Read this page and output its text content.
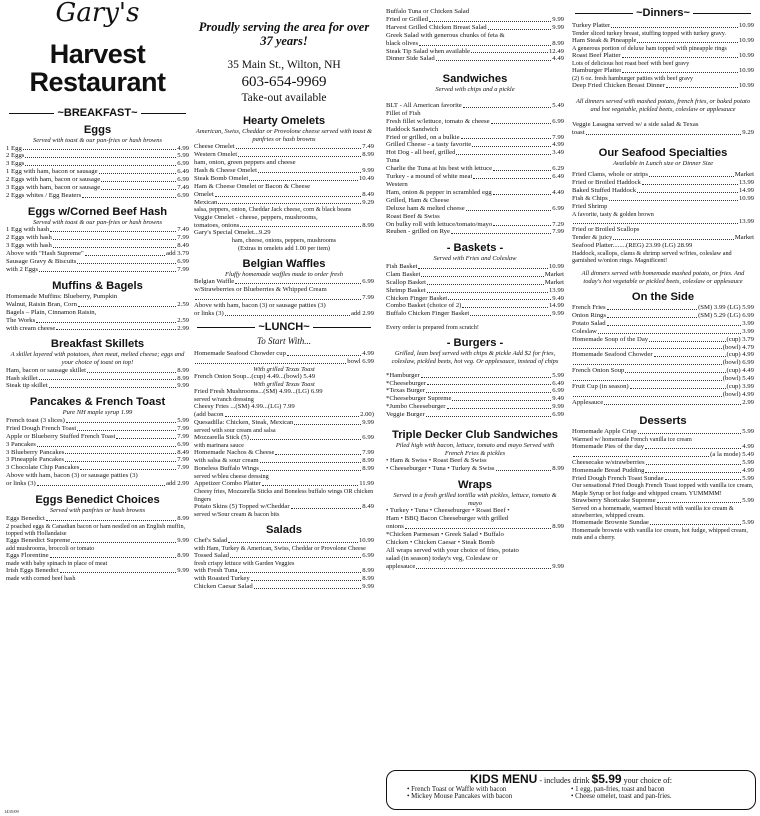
Gary's
Harvest
Restaurant
~BREAKFAST~
Eggs
Served with toast & our pan-fries or hash browns
1 Egg	4.99
2 Eggs	5.99
3 Eggs	6.99
1 Egg with ham, bacon or sausage	6.49
2 Eggs with ham, bacon or sausage	6.99
3 Eggs with ham, bacon or sausage	7.49
2 Eggs whites / Egg Beaters	6.99
Eggs w/Corned Beef Hash
Served with toast & our pan-fries or hash browns
1 Egg with hash	7.49
2 Eggs with hash	7.99
3 Eggs with hash	8.49
Above with "Hash Supreme"	add 3.79
Sausage Gravy & Biscuits	6.99
with 2 Eggs	7.99
Muffins & Bagels
Homemade Muffins: Blueberry, Pumpkin
Walnut, Raisin Bran, Corn	2.59
Bagels – Plain, Cinnamon Raisin,
The Works	2.59
with cream cheese	2.99
Breakfast Skillets
A skillet layered with potatoes, then meat, melted cheese; eggs and your choice of toast on top!
Ham, bacon or sausage skillet	8.99
Hash skillet	8.99
Steak tip skillet	9.99
Pancakes & French Toast
Pure NH maple syrup 1.99
French toast (3 slices)	5.99
Fried Dough French Toast	7.99
Apple or Blueberry Stuffed French Toast	7.99
3 Pancakes	6.99
3 Blueberry Pancakes	8.49
3 Pineapple Pancakes	7.99
3 Chocolate Chip Pancakes	7.99
Above with ham, bacon (3) or sausage patties (3)
or links (3)	add 2.99
Eggs Benedict Choices
Served with panfries or hash browns
Eggs Benedict	8.99
2 poached eggs & Canadian bacon or ham nestled on an English muffin, topped with Hollandaise
Eggs Benedict Supreme	9.99
add mushrooms, broccoli or tomato
Eggs Florentine	8.99
made with baby spinach in place of meat
Irish Eggs Benedict	9.99
made with corned beef hash
Proudly serving the area for over 37 years!
35 Main St., Wilton, NH
603-654-9969
Take-out available
Hearty Omelets
American, Swiss, Cheddar or Provolone cheese served with toast & panfries or hash browns
Cheese Omelet	7.49
Western Omelet	8.99
ham, onion, green peppers and cheese
Hash & Cheese Omelet	9.99
Steak Bomb Omelet	10.49
Ham & Cheese Omelet or Bacon & Cheese
Omelet	8.49
Mexican	9.29
salsa, peppers, onion, Cheddar Jack cheese, corn & black beans
Veggie Omelet - cheese, peppers, mushrooms,
tomatoes, onions	8.99
Gary's Special Omelet...9.29
ham, cheese, onions, peppers, mushrooms
(Extras in omelets add 1.00 per item)
Belgian Waffles
Fluffy homemade waffles made to order fresh
Belgian Waffle	6.99
w/Strawberries or Blueberries & Whipped Cream
7.99
Above with ham, bacon (3) or sausage patties (3)
or links (3)	add 2.99
~LUNCH~
To Start With...
Homemade Seafood Chowder cup	4.99
bowl 6.99
With grilled Texas Toast
French Onion Soup...(cup) 4.49...(bowl) 5.49
With grilled Texas Toast
Fried Fresh Mushrooms...(SM) 4.99...(LG) 6.99
served w/ranch dressing
Cheesy Fries ...(SM) 4.99...(LG) 7.99
(add bacon	2.00)
Quesadilla: Chicken, Steak, Mexican	9.99
served with sour cream and salsa
Mozzarella Stick (5)	6.99
with marinara sauce
Homemade Nachos & Cheese	7.99
with salsa & sour cream	8.99
Boneless Buffalo Wings	8.99
served w/bleu cheese dressing
Appetizer Combo Platter	11.99
Cheesy fries, Mozzarella Sticks and Boneless buffalo wings OR chicken fingers
Potato Skins (5) Topped w/Cheddar	8.49
served w/Sour cream & bacon bits
Salads
Chef's Salad	10.99
with Ham, Turkey & American, Swiss, Cheddar or Provolone Cheese
Tossed Salad	6.99
fresh crispy lettuce with Garden Veggies
with Fresh Tuna	8.99
with Roasted Turkey	8.99
Chicken Caesar Salad	9.99
Buffalo Tuna or Chicken Salad
Fried or Grilled	9.99
Harvest Grilled Chicken Breast Salad	9.99
Greek Salad with generous chunks of feta &
black olives	8.99
Steak Tip Salad when available	12.49
Dinner Side Salad	4.49
Sandwiches
Served with chips and a pickle
BLT - All American favorite	5.49
Fillet of Fish
Fresh fillet w/lettuce, tomato & cheese	6.99
Haddock Sandwich
Fried or grilled, on a bulkie	7.99
Grilled Cheese - a tasty favorite	4.99
Hot Dog - all beef, grilled	3.49
Tuna
Charlie the Tuna at his best with lettuce	6.29
Turkey - a mound of white meat	6.49
Western
Ham, onion & pepper in scrambled egg	4.49
Grilled, Ham & Cheese
Deluxe ham & melted cheese	6.99
Roast Beef & Swiss
On bulky roll with lettuce/tomato/mayo	7.29
Reuben - grilled on Rye	7.99
- Baskets -
Served with Fries and Coleslaw
Fish Basket	10.99
Clam Basket	Market
Scallop Basket	Market
Shrimp Basket	13.99
Chicken Finger Basket	9.49
Combo Basket (choice of 2)	14.99
Buffalo Chicken Finger Basket	9.99
Every order is prepared from scratch!
- Burgers -
Grilled, lean beef served with chips & pickle Add $2 for fries, coleslaw, pickled beets, hot veg. Or applesauce, instead of chips
*Hamburger	5.99
*Cheeseburger	6.49
*Texas Burger	6.99
*Cheeseburger Supreme	9.49
*Jumbo Cheeseburger	9.99
Veggie Burger	6.99
Triple Decker Club Sandwiches
Piled high with bacon, lettuce, tomato and mayo Served with French Fries & pickles
• Ham & Swiss • Roast Beef & Swiss
• Cheeseburger • Tuna • Turkey & Swiss	8.99
Wraps
Served in a fresh grilled tortilla with pickles, lettuce, tomato & mayo
• Turkey • Tuna • Cheeseburger • Roast Beef •
Ham • BBQ Bacon Cheeseburger with grilled
onions	8.99
*Chicken Parmesan • Greek Salad • Buffalo
Chicken • Chicken Caesar • Steak Bomb
All wraps served with your choice of fries, potato
salad (in season) today's veg, Coleslaw or
applesauce	9.99
~Dinners~
Turkey Platter	10.99
Tender sliced turkey breast, stuffing topped with turkey gravy.
Ham Steak & Pineapple	10.99
A generous portion of deluxe ham topped with pineapple rings
Roast Beef Platter	10.99
Lots of delicious hot roast beef with beef gravy
Hamburger Platter	10.99
(2) 6 oz. fresh hamburger patties with beef gravy
Deep Fried Chicken Breast Dinner	10.99
All dinners served with mashed potato, french fries, or baked potato and hot vegetable, pickled beets, coleslaw or applesauce
Veggie Lasagna served w/ a side salad & Texas
toast	9.29
Our Seafood Specialties
Available in Lunch size or Dinner Size
Fried Clams, whole or strips	Market
Fried or Broiled Haddock	13.99
Baked Stuffed Haddock	14.99
Fish & Chips	10.99
Fried Shrimp
A favorite, tasty & golden brown
13.99
Fried or Broiled Scallops
Tender & juicy	Market
Seafood Platter........(REG) 23.99 (LG) 28.99
Haddock, scallops, clams & shrimp served w/fries, coleslaw and garnished w/onion rings. Magnificent!
All dinners served with homemade mashed potato, or fries. And today's hot vegetable or pickled beets, coleslaw or applesauce
On the Side
French Fries	(SM) 3.99 (LG) 5.99
Onion Rings	(SM) 5.29 (LG) 6.99
Potato Salad	3.99
Coleslaw	3.99
Homemade Soup of the Day	(cup) 3.79
(bowl) 4.79
Homemade Seafood Chowder	(cup) 4.99
(bowl) 6.99
French Onion Soup	(cup) 4.49
(bowl) 5.49
Fruit Cup (in season)	(cup) 3.99
(bowl) 4.99
Applesauce	2.99
Desserts
Homemade Apple Crisp	5.99
Warmed w/ homemade French vanilla ice cream
Homemade Pies of the day	4.99
(a la mode) 5.49
Cheesecake w/strawberries	5.99
Homemade Bread Pudding	4.99
Fried Dough French Toast Sundae	5.99
Our sensational Fried Dough French Toast topped with vanilla ice cream, Maple Syrup or hot fudge and whipped cream. YUMMMM!
Strawberry Shortcake Supreme	5.99
Served on a homemade, warmed biscuit with vanilla ice cream & strawberries, whipped cream.
Homemade Brownie Sundae	5.99
Homemade brownie with vanilla ice cream, hot fudge, whipped cream, nuts and a cherry.
KIDS MENU - includes drink $5.99 your choice of:
• French Toast or Waffle with bacon
• Mickey Mouse Pancakes with bacon
• 1 egg, pan-fries, toast and bacon
• Cheese omelet, toast and pan-fries.
1435/09
